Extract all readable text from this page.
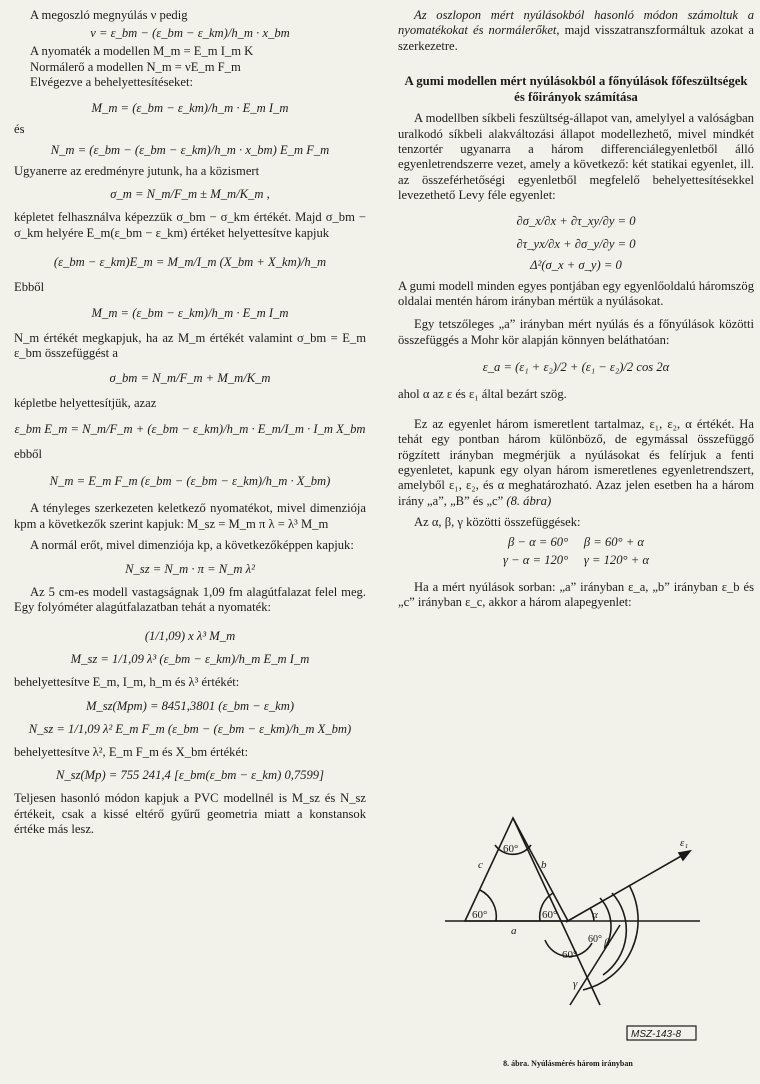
A megoszló megnyúlás ν pedig

ν = ε_bm − (ε_bm − ε_km)/h_m · x_bm

A nyomaték a modellen M_m = E_m I_m K

Normálerő a modellen N_m = νE_m F_m

Elvégezve a behelyettesítéseket:

M_m = (ε_bm − ε_km)/h_m · E_m I_m

és

N_m = (ε_bm − (ε_bm − ε_km)/h_m · x_bm) E_m F_m

Ugyanerre az eredményre jutunk, ha a közismert

σ_m = N_m/F_m ± M_m/K_m ,

képletet felhasználva képezzük σ_bm − σ_km értékét. Majd σ_bm − σ_km helyére E_m(ε_bm − ε_km) értéket helyettesítve kapjuk

(ε_bm − ε_km)E_m = M_m/I_m (X_bm + X_km)/h_m

Ebből

M_m = (ε_bm − ε_km)/h_m · E_m I_m

N_m értékét megkapjuk, ha az M_m értékét valamint σ_bm = E_m ε_bm összefüggést a

σ_bm = N_m/F_m + M_m/K_m

képletbe helyettesítjük, azaz

ε_bm E_m = N_m/F_m + (ε_bm − ε_km)/h_m · E_m/I_m · I_m X_bm

ebből

N_m = E_m F_m (ε_bm − (ε_bm − ε_km)/h_m · X_bm)

A tényleges szerkezeten keletkező nyomatékot, mivel dimenziója kpm a következők szerint kapjuk: M_sz = M_m π λ = λ³ M_m

A normál erőt, mivel dimenziója kp, a következőképpen kapjuk:

N_sz = N_m · π = N_m λ²

Az 5 cm-es modell vastagságnak 1,09 fm alagútfalazat felel meg. Egy folyóméter alagútfalazatban tehát a nyomaték:

(1/1,09) x λ³ M_m
M_sz = 1/1,09 λ³ (ε_bm − ε_km)/h_m E_m I_m

behelyettesítve E_m, I_m, h_m és λ³ értékét:

M_sz(Mpm) = 8451,3801 (ε_bm − ε_km)
N_sz = 1/1,09 λ² E_m F_m (ε_bm − (ε_bm − ε_km)/h_m X_bm)

behelyettesítve λ², E_m F_m és X_bm értékét:

N_sz(Mp) = 755 241,4 [ε_bm(ε_bm − ε_km) 0,7599]

Teljesen hasonló módon kapjuk a PVC modellnél is M_sz és N_sz értékeit, csak a kissé eltérő gyűrű geometria miatt a konstansok értéke más lesz.

Az oszlopon mért nyúlásokból hasonló módon számoltuk a nyomatékokat és normálerőket, majd visszatranszformáltuk azokat a szerkezetre.

A gumi modellen mért nyúlásokból a főnyúlások főfeszültségek és főirányok számítása

A modellben síkbeli feszültség-állapot van, amelylyel a valóságban uralkodó síkbeli alakváltozási állapot modellezhető, mivel mindkét tenzortér ugyanarra a három differenciálegyenletből álló egyenletrendszerre vezet, amely a következő: két statikai egyenlet, ill. az összeférhetőségi egyenletből megfelelő behelyettesítésekkel levezethető Levy féle egyenlet:

∂σ_x/∂x + ∂τ_xy/∂y = 0
∂τ_yx/∂x + ∂σ_y/∂y = 0
Δ²(σ_x + σ_y) = 0

A gumi modell minden egyes pontjában egy egyenlőoldalú háromszög oldalai mentén három irányban mértük a nyúlásokat.

Egy tetszőleges „a” irányban mért nyúlás és a főnyúlások közötti összefüggés a Mohr kör alapján könnyen beláthatóan:

ε_a = (ε₁ + ε₂)/2 + (ε₁ − ε₂)/2 cos 2α

ahol α az ε és ε₁ által bezárt szög.

Ez az egyenlet három ismeretlent tartalmaz, ε₁, ε₂, α értékét. Ha tehát egy pontban három különböző, de egymással összefüggő rögzített irányban megmérjük a nyúlásokat és felírjuk a fenti egyenletet, kapunk egy olyan három ismeretlenes egyenletrendszert, amelyből ε₁, ε₂, és α meghatározható. Azaz jelen esetben ha a három irány „a”, „B” és „c” (8. ábra)

Az α, β, γ közötti összefüggések:

β − α = 60° β = 60° + α
γ − α = 120° γ = 120° + α

Ha a mért nyúlások sorban: „a” irányban ε_a, „b” irányban ε_b és „c” irányban ε_c, akkor a három alapegyenlet:

60°
60°	60°
60°
60°
c	b
a
ε₁
α
β
γ
MSZ-143-8
8. ábra. Nyúlásmérés három irányban
